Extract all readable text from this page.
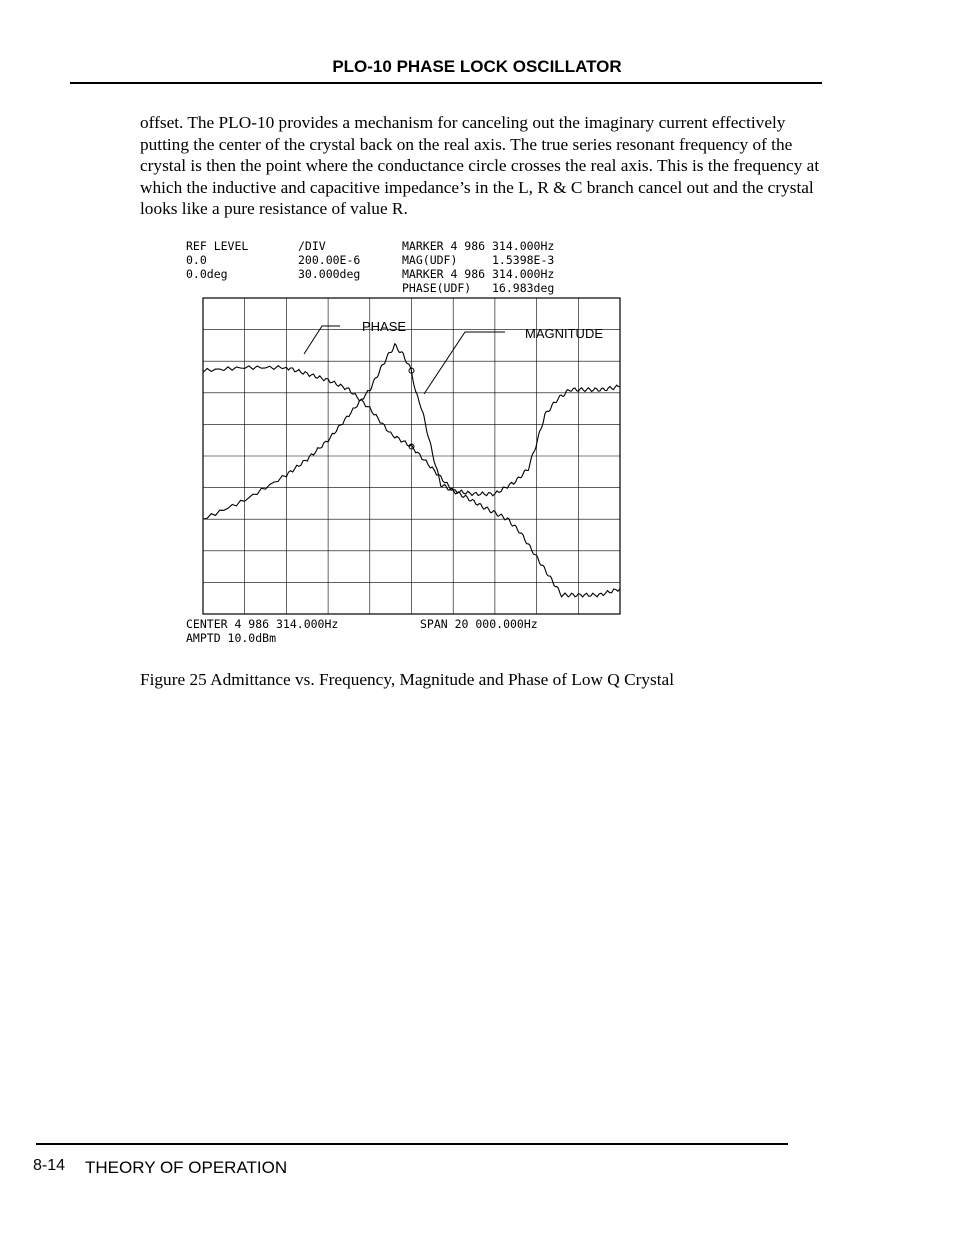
PLO-10 PHASE LOCK OSCILLATOR

offset. The PLO-10 provides a mechanism for canceling out the imaginary current effectively putting the center of the crystal back on the real axis. The true series resonant frequency of the crystal is then the point where the conductance circle crosses the real axis. This is the frequency at which the inductive and capacitive impedance’s in the L, R & C branch cancel out and the crystal looks like a pure resistance of value R.

REF LEVEL
0.0
0.0deg
/DIV
200.00E-6
30.000deg
MARKER 4 986 314.000Hz
MAG(UDF)     1.5398E-3
MARKER 4 986 314.000Hz
PHASE(UDF)   16.983deg
PHASE	MAGNITUDE
CENTER 4 986 314.000Hz	SPAN 20 000.000Hz
AMPTD 10.0dBm
Figure 25 Admittance vs. Frequency, Magnitude and Phase of Low Q Crystal
8-14 THEORY OF OPERATION
